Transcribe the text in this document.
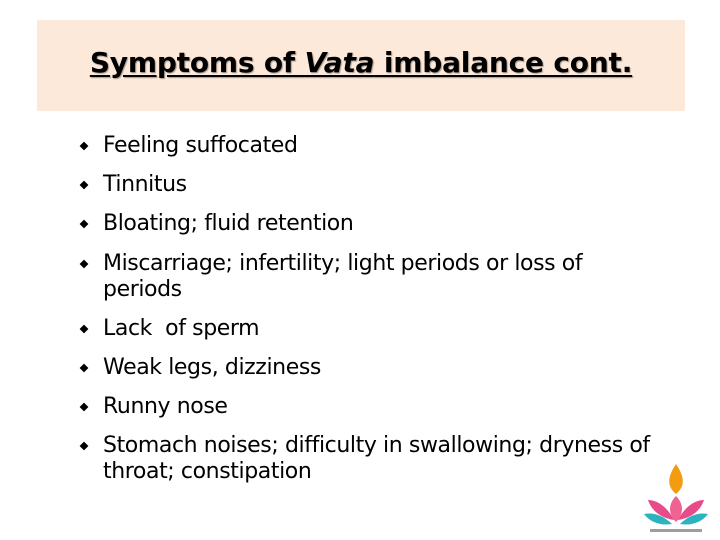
Symptoms of Vata imbalance cont.
Feeling suffocated
Tinnitus
Bloating; fluid retention
Miscarriage; infertility; light periods or loss of periods
Lack  of sperm
Weak legs, dizziness
Runny nose
Stomach noises; difficulty in swallowing; dryness of throat; constipation
